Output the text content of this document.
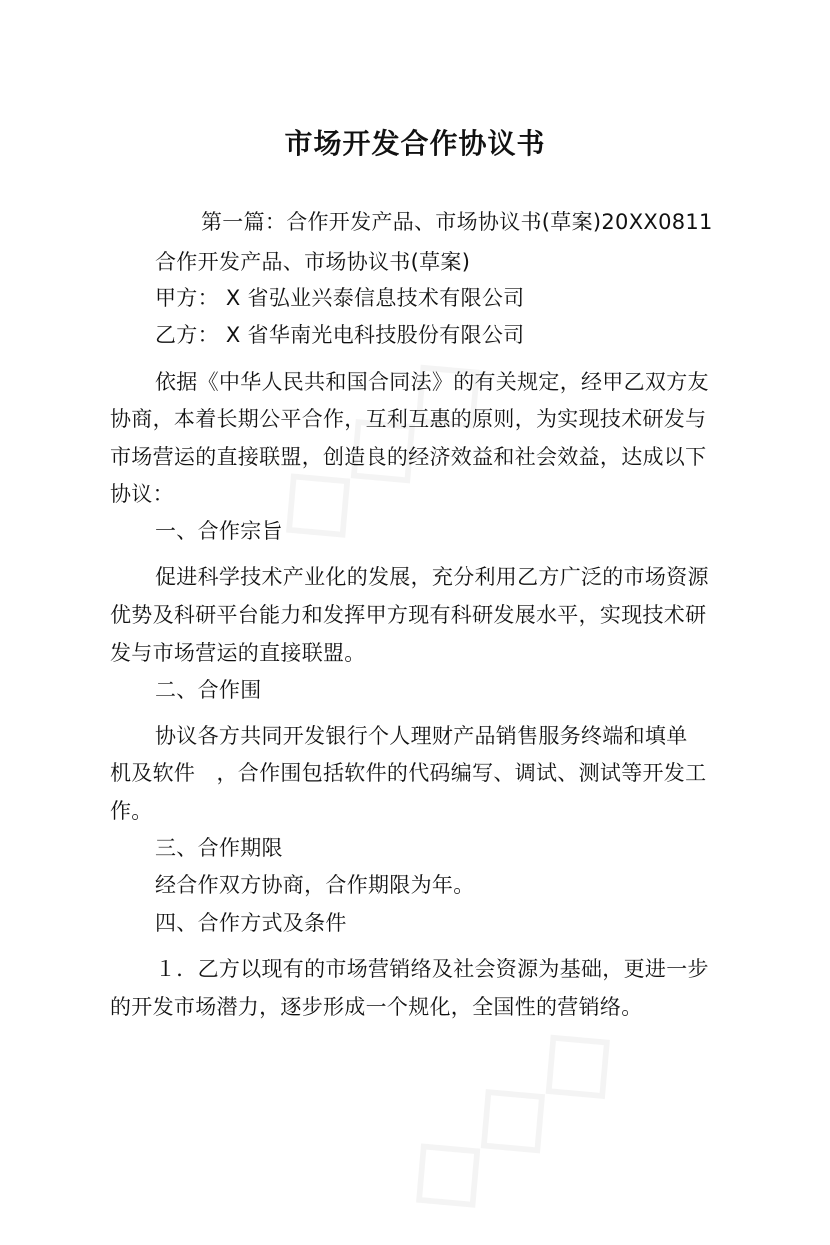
市场开发合作协议书
第一篇：合作开发产品、市场协议书(草案)20XX0811
合作开发产品、市场协议书(草案)
甲方： X 省弘业兴泰信息技术有限公司
乙方： X 省华南光电科技股份有限公司
依据《中华人民共和国合同法》的有关规定，经甲乙双方友
协商，本着长期公平合作，互利互惠的原则，为实现技术研发与
市场营运的直接联盟，创造良的经济效益和社会效益，达成以下
协议：
一、合作宗旨
促进科学技术产业化的发展，充分利用乙方广泛的市场资源
优势及科研平台能力和发挥甲方现有科研发展水平，实现技术研
发与市场营运的直接联盟。
二、合作围
协议各方共同开发银行个人理财产品销售服务终端和填单
机及软件　，合作围包括软件的代码编写、调试、测试等开发工
作。
三、合作期限
经合作双方协商，合作期限为年。
四、合作方式及条件
１．乙方以现有的市场营销络及社会资源为基础，更进一步
的开发市场潜力，逐步形成一个规化，全国性的营销络。
